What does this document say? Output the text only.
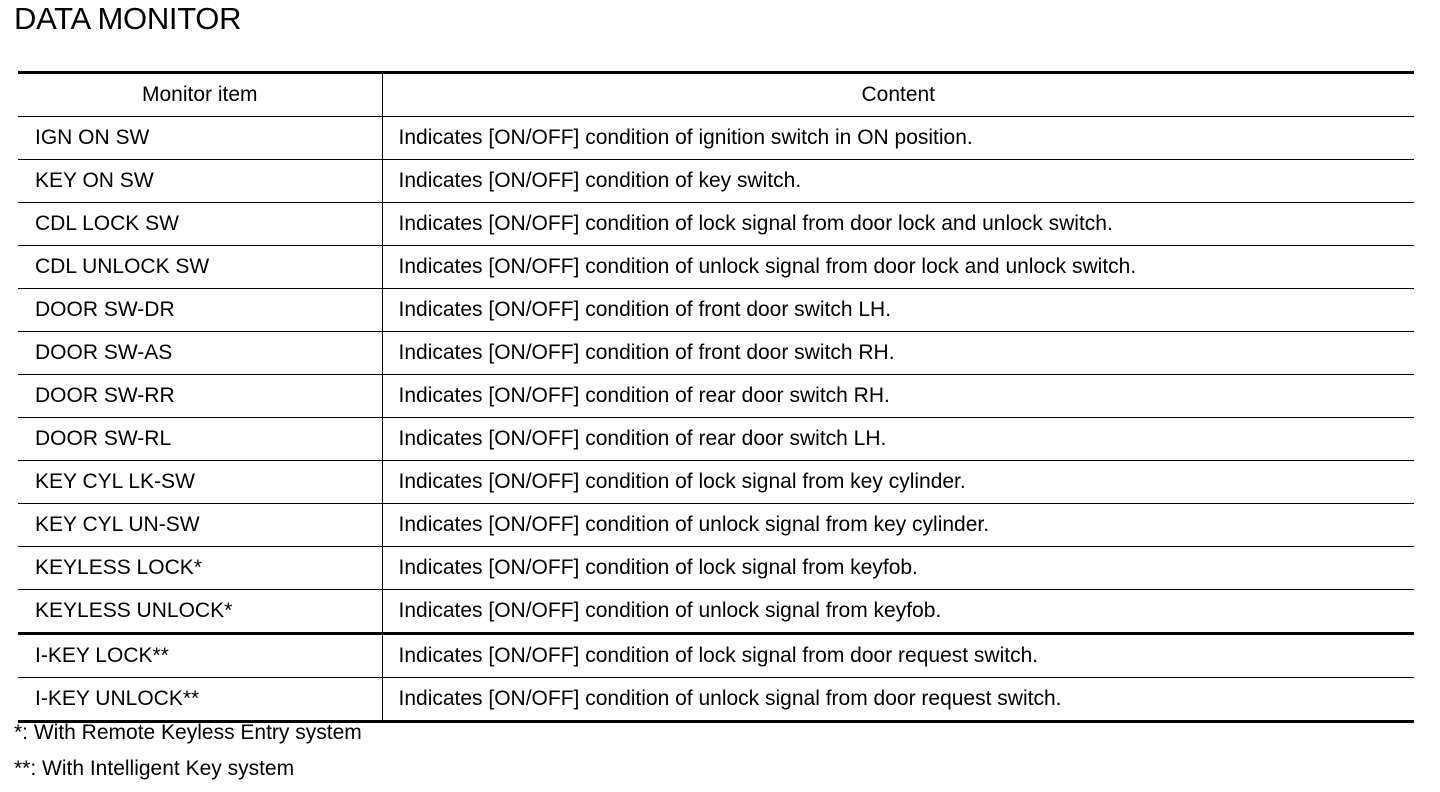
DATA MONITOR
Monitor item	Content
IGN ON SW	Indicates [ON/OFF] condition of ignition switch in ON position.
KEY ON SW	Indicates [ON/OFF] condition of key switch.
CDL LOCK SW	Indicates [ON/OFF] condition of lock signal from door lock and unlock switch.
CDL UNLOCK SW	Indicates [ON/OFF] condition of unlock signal from door lock and unlock switch.
DOOR SW-DR	Indicates [ON/OFF] condition of front door switch LH.
DOOR SW-AS	Indicates [ON/OFF] condition of front door switch RH.
DOOR SW-RR	Indicates [ON/OFF] condition of rear door switch RH.
DOOR SW-RL	Indicates [ON/OFF] condition of rear door switch LH.
KEY CYL LK-SW	Indicates [ON/OFF] condition of lock signal from key cylinder.
KEY CYL UN-SW	Indicates [ON/OFF] condition of unlock signal from key cylinder.
KEYLESS LOCK*	Indicates [ON/OFF] condition of lock signal from keyfob.
KEYLESS UNLOCK*	Indicates [ON/OFF] condition of unlock signal from keyfob.
I-KEY LOCK**	Indicates [ON/OFF] condition of lock signal from door request switch.
I-KEY UNLOCK**	Indicates [ON/OFF] condition of unlock signal from door request switch.
*: With Remote Keyless Entry system
**: With Intelligent Key system
